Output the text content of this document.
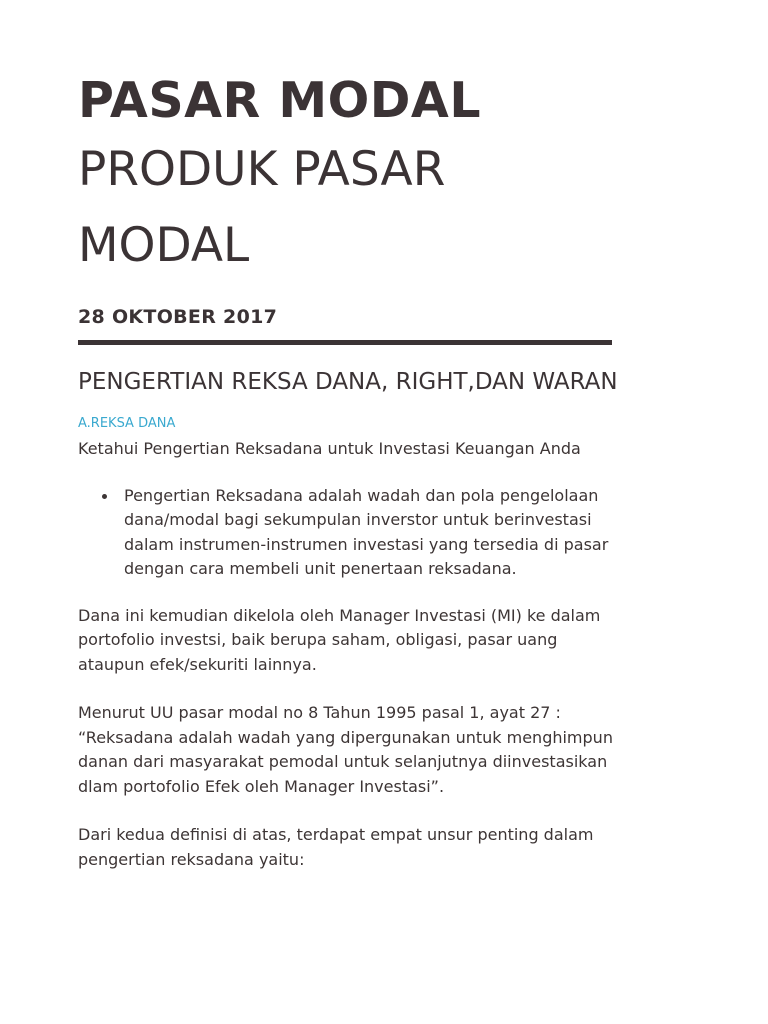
PASAR MODAL
PRODUK PASAR
MODAL
28 OKTOBER 2017
PENGERTIAN REKSA DANA, RIGHT,DAN WARAN
A.REKSA DANA
Ketahui Pengertian Reksadana untuk Investasi Keuangan Anda
Pengertian Reksadana adalah wadah dan pola pengelolaan dana/modal bagi sekumpulan inverstor untuk berinvestasi dalam instrumen-instrumen investasi yang tersedia di pasar dengan cara membeli unit penertaan reksadana.
Dana ini kemudian dikelola oleh Manager Investasi (MI) ke dalam portofolio investsi, baik berupa saham, obligasi, pasar uang ataupun efek/sekuriti lainnya.
Menurut UU pasar modal no 8 Tahun 1995 pasal 1, ayat 27 : “Reksadana adalah wadah yang dipergunakan untuk menghimpun danan dari masyarakat pemodal untuk selanjutnya diinvestasikan dlam portofolio Efek oleh Manager Investasi”.
Dari kedua definisi di atas, terdapat empat unsur penting dalam pengertian reksadana yaitu:
